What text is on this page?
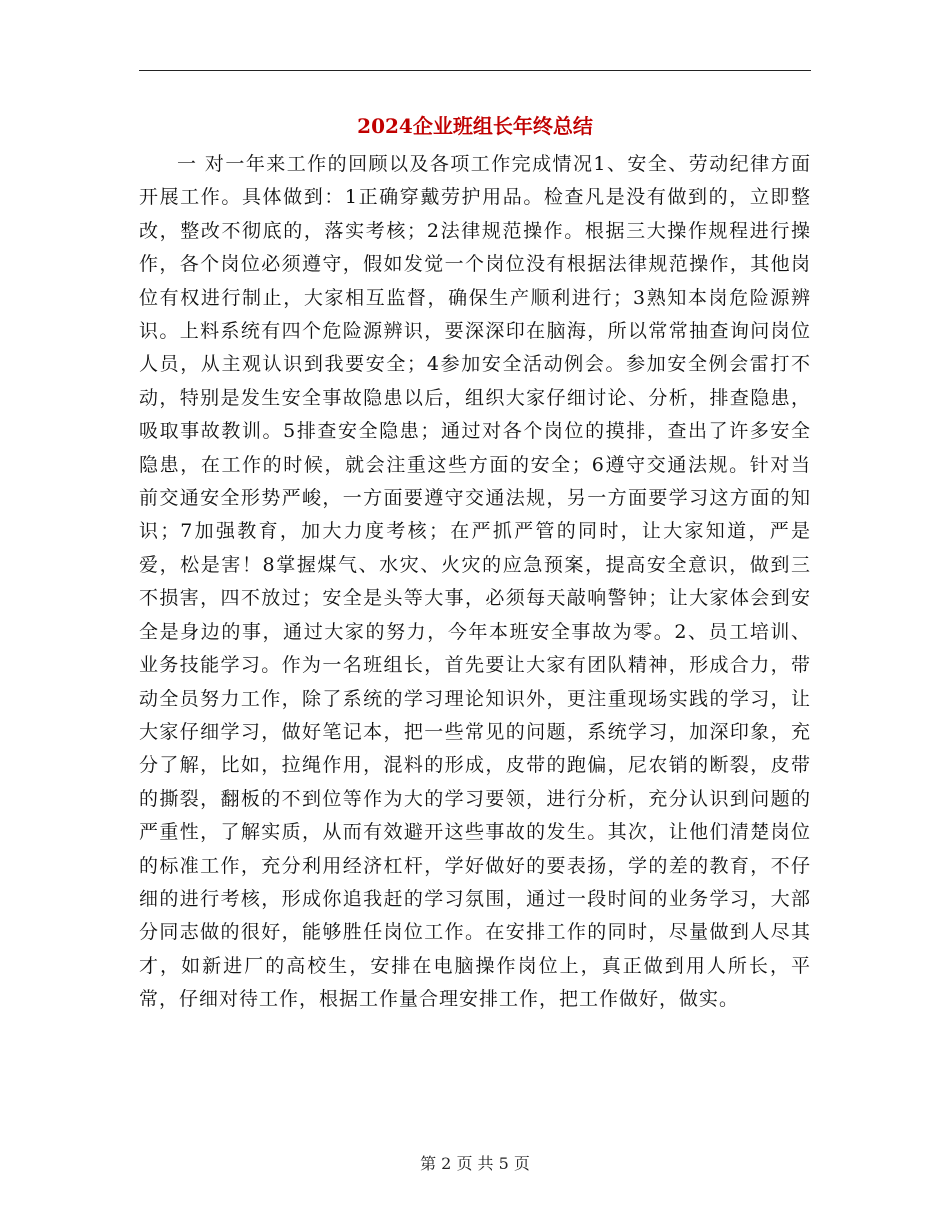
2024企业班组长年终总结

一 对一年来工作的回顾以及各项工作完成情况1、安全、劳动纪律方面开展工作。具体做到：1正确穿戴劳护用品。检查凡是没有做到的，立即整改，整改不彻底的，落实考核；2法律规范操作。根据三大操作规程进行操作，各个岗位必须遵守，假如发觉一个岗位没有根据法律规范操作，其他岗位有权进行制止，大家相互监督，确保生产顺利进行；3熟知本岗危险源辨识。上料系统有四个危险源辨识，要深深印在脑海，所以常常抽查询问岗位人员，从主观认识到我要安全；4参加安全活动例会。参加安全例会雷打不动，特别是发生安全事故隐患以后，组织大家仔细讨论、分析，排查隐患，吸取事故教训。5排查安全隐患；通过对各个岗位的摸排，查出了许多安全隐患，在工作的时候，就会注重这些方面的安全；6遵守交通法规。针对当前交通安全形势严峻，一方面要遵守交通法规，另一方面要学习这方面的知识；7加强教育，加大力度考核；在严抓严管的同时，让大家知道，严是爱，松是害！8掌握煤气、水灾、火灾的应急预案，提高安全意识，做到三不损害，四不放过；安全是头等大事，必须每天敲响警钟；让大家体会到安全是身边的事，通过大家的努力，今年本班安全事故为零。2、员工培训、业务技能学习。作为一名班组长，首先要让大家有团队精神，形成合力，带动全员努力工作，除了系统的学习理论知识外，更注重现场实践的学习，让大家仔细学习，做好笔记本，把一些常见的问题，系统学习，加深印象，充分了解，比如，拉绳作用，混料的形成，皮带的跑偏，尼农销的断裂，皮带的撕裂，翻板的不到位等作为大的学习要领，进行分析，充分认识到问题的严重性，了解实质，从而有效避开这些事故的发生。其次，让他们清楚岗位的标准工作，充分利用经济杠杆，学好做好的要表扬，学的差的教育，不仔细的进行考核，形成你追我赶的学习氛围，通过一段时间的业务学习，大部分同志做的很好，能够胜任岗位工作。在安排工作的同时，尽量做到人尽其才，如新进厂的高校生，安排在电脑操作岗位上，真正做到用人所长，平常，仔细对待工作，根据工作量合理安排工作，把工作做好，做实。

第 2 页 共 5 页
